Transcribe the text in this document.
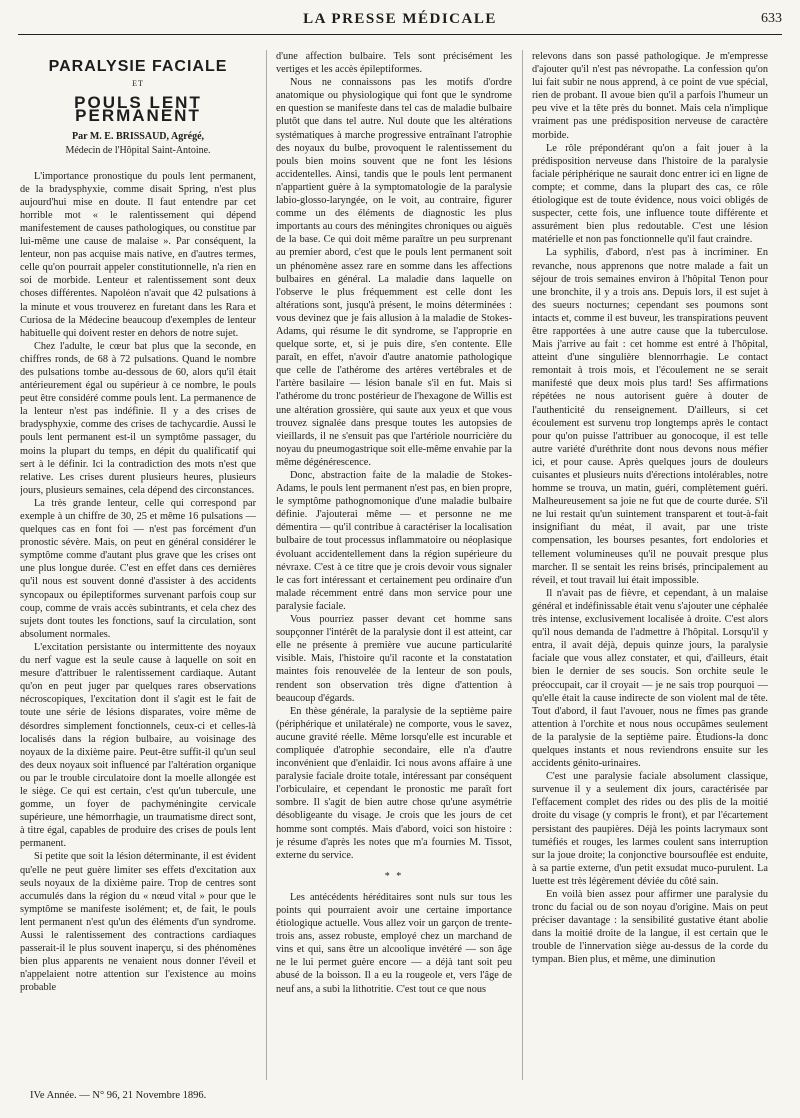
LA PRESSE MÉDICALE	633
PARALYSIE FACIALE
ET
POULS LENT PERMANENT
Par M. E. BRISSAUD, Agrégé,
Médecin de l'Hôpital Saint-Antoine.

L'importance pronostique du pouls lent permanent, de la bradysphyxie, comme disait Spring, n'est plus aujourd'hui mise en doute. Il faut entendre par cet horrible mot « le ralentissement qui dépend manifestement de causes pathologiques, ou constitue par lui-même une cause de malaise ». Par conséquent, la lenteur, non pas acquise mais native, en d'autres termes, celle qu'on pourrait appeler constitutionnelle, n'a rien en soi de morbide. Lenteur et ralentissement sont deux choses différentes. Napoléon n'avait que 42 pulsations à la minute et vous trouverez en furetant dans les Rara et Curiosa de la Médecine beaucoup d'exemples de lenteur habituelle qui doivent rester en dehors de notre sujet.

Chez l'adulte, le cœur bat plus que la seconde, en chiffres ronds, de 68 à 72 pulsations. Quand le nombre des pulsations tombe au-dessous de 60, alors qu'il était antérieurement égal ou supérieur à ce nombre, le pouls peut être considéré comme pouls lent. La permanence de la lenteur n'est pas indéfinie. Il y a des crises de bradysphyxie, comme des crises de tachycardie. Aussi le pouls lent permanent est-il un symptôme passager, du moins la plupart du temps, en dépit du qualificatif qui sert à le définir. Ici la contradiction des mots n'est que relative. Les crises durent plusieurs heures, plusieurs jours, plusieurs semaines, cela dépend des circonstances.

La très grande lenteur, celle qui correspond par exemple à un chiffre de 30, 25 et même 16 pulsations — quelques cas en font foi — n'est pas forcément d'un pronostic sévère. Mais, on peut en général considérer le symptôme comme d'autant plus grave que les crises ont une plus longue durée. C'est en effet dans ces dernières qu'il nous est souvent donné d'assister à des accidents syncopaux ou épileptiformes survenant parfois coup sur coup, comme de vrais accès subintrants, et cela chez des sujets dont toutes les fonctions, sauf la circulation, sont absolument normales.

L'excitation persistante ou intermittente des noyaux du nerf vague est la seule cause à laquelle on soit en mesure d'attribuer le ralentissement cardiaque. Autant qu'on en peut juger par quelques rares observations nécroscopiques, l'excitation dont il s'agit est le fait de toute une série de lésions disparates, voire même de désordres simplement fonctionnels, ceux-ci et celles-là localisés dans la région bulbaire, au voisinage des noyaux de la dixième paire. Peut-être suffit-il qu'un seul des deux noyaux soit influencé par l'altération organique ou par le trouble circulatoire dont la moelle allongée est le siège. Ce qui est certain, c'est qu'un tubercule, une gomme, un foyer de pachyméningite cervicale supérieure, une hémorrhagie, un traumatisme direct sont, à titre égal, capables de produire des crises de pouls lent permanent.

Si petite que soit la lésion déterminante, il est évident qu'elle ne peut guère limiter ses effets d'excitation aux seuls noyaux de la dixième paire. Trop de centres sont accumulés dans la région du « nœud vital » pour que le symptôme se manifeste isolément; et, de fait, le pouls lent permanent n'est qu'un des éléments d'un syndrome. Aussi le ralentissement des contractions cardiaques passerait-il le plus souvent inaperçu, si des phénomènes bien plus apparents ne venaient nous donner l'éveil et n'appelaient notre attention sur l'existence au moins probable

d'une affection bulbaire. Tels sont précisément les vertiges et les accès épileptiformes.

Nous ne connaissons pas les motifs d'ordre anatomique ou physiologique qui font que le syndrome en question se manifeste dans tel cas de maladie bulbaire plutôt que dans tel autre. Nul doute que les altérations systématiques à marche progressive entraînant l'atrophie des noyaux du bulbe, provoquent le ralentissement du pouls bien moins souvent que ne font les lésions accidentelles. Ainsi, tandis que le pouls lent permanent n'appartient guère à la symptomatologie de la paralysie labio-glosso-laryngée, on le voit, au contraire, figurer comme un des éléments de diagnostic les plus importants au cours des méningites chroniques ou aiguës de la base. Ce qui doit même paraître un peu surprenant au premier abord, c'est que le pouls lent permanent soit un phénomène assez rare en somme dans les affections bulbaires en général. La maladie dans laquelle on l'observe le plus fréquemment est celle dont les altérations sont, jusqu'à présent, le moins déterminées : vous devinez que je fais allusion à la maladie de Stokes-Adams, qui résume le dit syndrome, se l'approprie en quelque sorte, et, si je puis dire, s'en contente. Elle paraît, en effet, n'avoir d'autre anatomie pathologique que celle de l'athérome des artères vertébrales et de l'artère basilaire — lésion banale s'il en fut. Mais si l'athérome du tronc postérieur de l'hexagone de Willis est une altération grossière, qui saute aux yeux et que vous trouvez signalée dans presque toutes les autopsies de vieillards, il ne s'ensuit pas que l'artériole nourricière du noyau du pneumogastrique soit elle-même envahie par la même dégénérescence.

Donc, abstraction faite de la maladie de Stokes-Adams, le pouls lent permanent n'est pas, en bien propre, le symptôme pathognomonique d'une maladie bulbaire définie. J'ajouterai même — et personne ne me démentira — qu'il contribue à caractériser la localisation bulbaire de tout processus inflammatoire ou néoplasique évoluant accidentellement dans la région supérieure du névraxe. C'est à ce titre que je crois devoir vous signaler le cas fort intéressant et certainement peu ordinaire d'un malade récemment entré dans mon service pour une paralysie faciale.

Vous pourriez passer devant cet homme sans soupçonner l'intérêt de la paralysie dont il est atteint, car elle ne présente à première vue aucune particularité visible. Mais, l'histoire qu'il raconte et la constatation maintes fois renouvelée de la lenteur de son pouls, rendent son observation très digne d'attention à beaucoup d'égards.

En thèse générale, la paralysie de la septième paire (périphérique et unilatérale) ne comporte, vous le savez, aucune gravité réelle. Même lorsqu'elle est incurable et compliquée d'atrophie secondaire, elle n'a d'autre inconvénient que d'enlaidir. Ici nous avons affaire à une paralysie faciale droite totale, intéressant par conséquent l'orbiculaire, et cependant le pronostic me paraît fort sombre. Il s'agit de bien autre chose qu'une asymétrie désobligeante du visage. Je crois que les jours de cet homme sont comptés. Mais d'abord, voici son histoire : je résume d'après les notes que m'a fournies M. Tissot, externe du service.

* *

Les antécédents héréditaires sont nuls sur tous les points qui pourraient avoir une certaine importance étiologique actuelle. Vous allez voir un garçon de trente-trois ans, assez robuste, employé chez un marchand de vins et qui, sans être un alcoolique invétéré — son âge ne le lui permet guère encore — a déjà tant soit peu abusé de la boisson. Il a eu la rougeole et, vers l'âge de neuf ans, a subi la lithotritie. C'est tout ce que nous

relevons dans son passé pathologique. Je m'empresse d'ajouter qu'il n'est pas névropathe. La confession qu'on lui fait subir ne nous apprend, à ce point de vue spécial, rien de probant. Il avoue bien qu'il a parfois l'humeur un peu vive et la tête près du bonnet. Mais cela n'implique vraiment pas une prédisposition nerveuse de caractère morbide.

Le rôle prépondérant qu'on a fait jouer à la prédisposition nerveuse dans l'histoire de la paralysie faciale périphérique ne saurait donc entrer ici en ligne de compte; et comme, dans la plupart des cas, ce rôle étiologique est de toute évidence, nous voici obligés de suspecter, cette fois, une influence toute différente et assurément bien plus redoutable. C'est une lésion matérielle et non pas fonctionnelle qu'il faut craindre.

La syphilis, d'abord, n'est pas à incriminer. En revanche, nous apprenons que notre malade a fait un séjour de trois semaines environ à l'hôpital Tenon pour une bronchite, il y a trois ans. Depuis lors, il est sujet à des sueurs nocturnes; cependant ses poumons sont intacts et, comme il est buveur, les transpirations peuvent être rapportées à une autre cause que la tuberculose. Mais j'arrive au fait : cet homme est entré à l'hôpital, atteint d'une singulière blennorrhagie. Le contact remontait à trois mois, et l'écoulement ne se serait manifesté que deux mois plus tard! Ses affirmations répétées ne nous autorisent guère à douter de l'authenticité du renseignement. D'ailleurs, si cet écoulement est survenu trop longtemps après le contact pour qu'on puisse l'attribuer au gonocoque, il est telle autre variété d'uréthrite dont nous devons nous méfier ici, et pour cause. Après quelques jours de douleurs cuisantes et plusieurs nuits d'érections intolérables, notre homme se trouva, un matin, guéri, complètement guéri. Malheureusement sa joie ne fut que de courte durée. S'il ne lui restait qu'un suintement transparent et tout-à-fait insignifiant du méat, il avait, par une triste compensation, les bourses pesantes, fort endolories et tellement volumineuses qu'il ne pouvait presque plus marcher. Il se sentait les reins brisés, principalement au réveil, et tout travail lui était impossible.

Il n'avait pas de fièvre, et cependant, à un malaise général et indéfinissable était venu s'ajouter une céphalée très intense, exclusivement localisée à droite. C'est alors qu'il nous demanda de l'admettre à l'hôpital. Lorsqu'il y entra, il avait déjà, depuis quinze jours, la paralysie faciale que vous allez constater, et qui, d'ailleurs, était bien le dernier de ses soucis. Son orchite seule le préoccupait, car il croyait — je ne sais trop pourquoi — qu'elle était la cause indirecte de son violent mal de tête. Tout d'abord, il faut l'avouer, nous ne fîmes pas grande attention à l'orchite et nous nous occupâmes seulement de la paralysie de la septième paire. Étudions-la donc quelques instants et nous reviendrons ensuite sur les accidents génito-urinaires.

C'est une paralysie faciale absolument classique, survenue il y a seulement dix jours, caractérisée par l'effacement complet des rides ou des plis de la moitié droite du visage (y compris le front), et par l'écartement persistant des paupières. Déjà les points lacrymaux sont tuméfiés et rouges, les larmes coulent sans interruption sur la joue droite; la conjonctive boursouflée est enduite, à sa partie externe, d'un petit exsudat muco-purulent. La luette est très légèrement déviée du côté sain.

En voilà bien assez pour affirmer une paralysie du tronc du facial ou de son noyau d'origine. Mais on peut préciser davantage : la sensibilité gustative étant abolie dans la moitié droite de la langue, il est certain que le trouble de l'innervation siège au-dessus de la corde du tympan. Bien plus, et même, une diminution

IVe Année. — N° 96, 21 Novembre 1896.
